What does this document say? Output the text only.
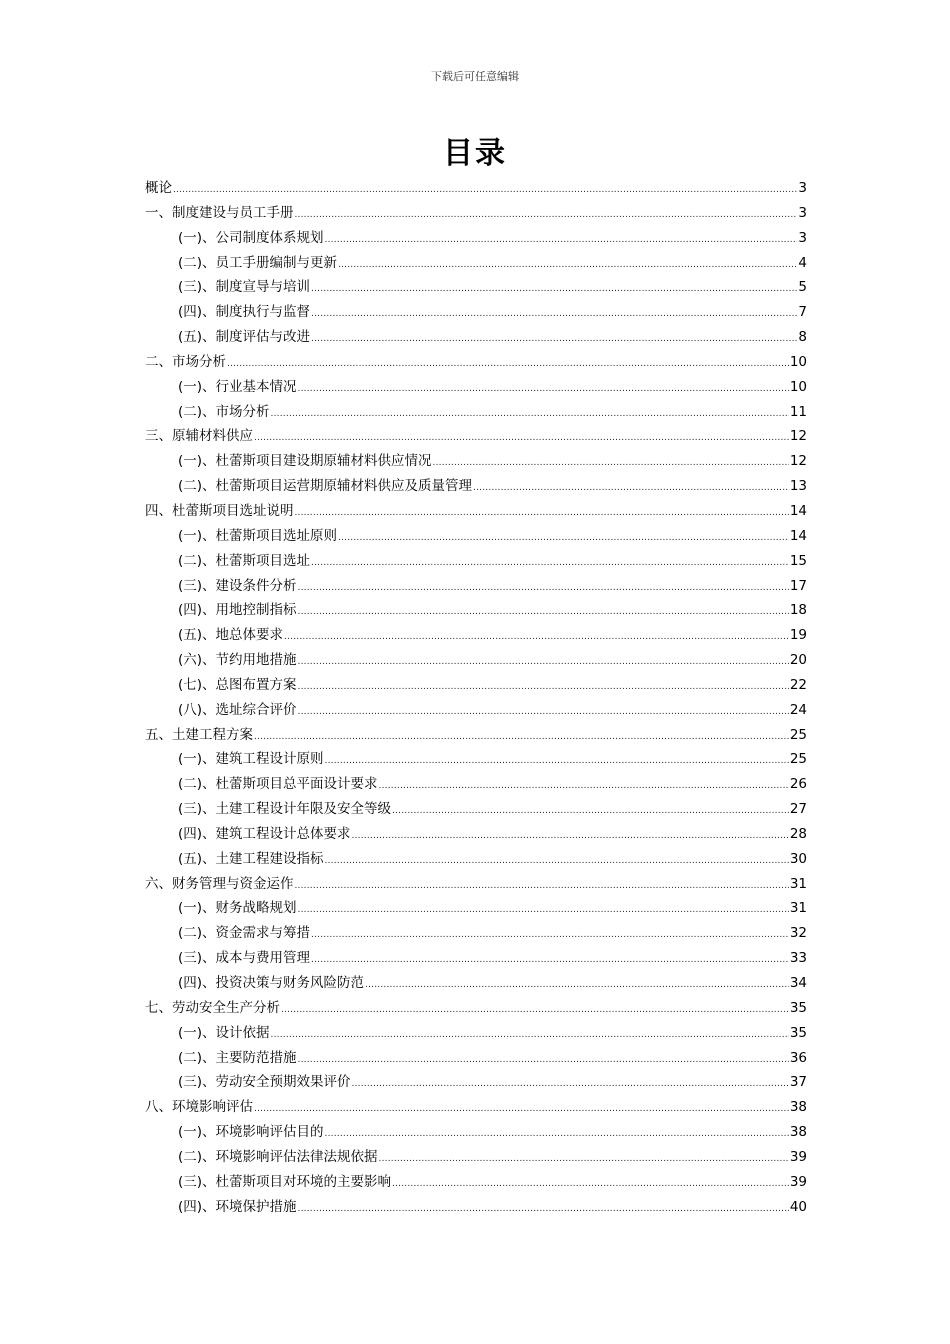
下载后可任意编辑
目录
概论 .....	3
一、制度建设与员工手册 .....	3
(一)、公司制度体系规划 .....	3
(二)、员工手册编制与更新 .....	4
(三)、制度宣导与培训 .....	5
(四)、制度执行与监督 .....	7
(五)、制度评估与改进 .....	8
二、市场分析 .....	10
(一)、行业基本情况 .....	10
(二)、市场分析 .....	11
三、原辅材料供应 .....	12
(一)、杜蕾斯项目建设期原辅材料供应情况 .....	12
(二)、杜蕾斯项目运营期原辅材料供应及质量管理 .....	13
四、杜蕾斯项目选址说明 .....	14
(一)、杜蕾斯项目选址原则 .....	14
(二)、杜蕾斯项目选址 .....	15
(三)、建设条件分析 .....	17
(四)、用地控制指标 .....	18
(五)、地总体要求 .....	19
(六)、节约用地措施 .....	20
(七)、总图布置方案 .....	22
(八)、选址综合评价 .....	24
五、土建工程方案 .....	25
(一)、建筑工程设计原则 .....	25
(二)、杜蕾斯项目总平面设计要求 .....	26
(三)、土建工程设计年限及安全等级 .....	27
(四)、建筑工程设计总体要求 .....	28
(五)、土建工程建设指标 .....	30
六、财务管理与资金运作 .....	31
(一)、财务战略规划 .....	31
(二)、资金需求与筹措 .....	32
(三)、成本与费用管理 .....	33
(四)、投资决策与财务风险防范 .....	34
七、劳动安全生产分析 .....	35
(一)、设计依据 .....	35
(二)、主要防范措施 .....	36
(三)、劳动安全预期效果评价 .....	37
八、环境影响评估 .....	38
(一)、环境影响评估目的 .....	38
(二)、环境影响评估法律法规依据 .....	39
(三)、杜蕾斯项目对环境的主要影响 .....	39
(四)、环境保护措施 .....	40
